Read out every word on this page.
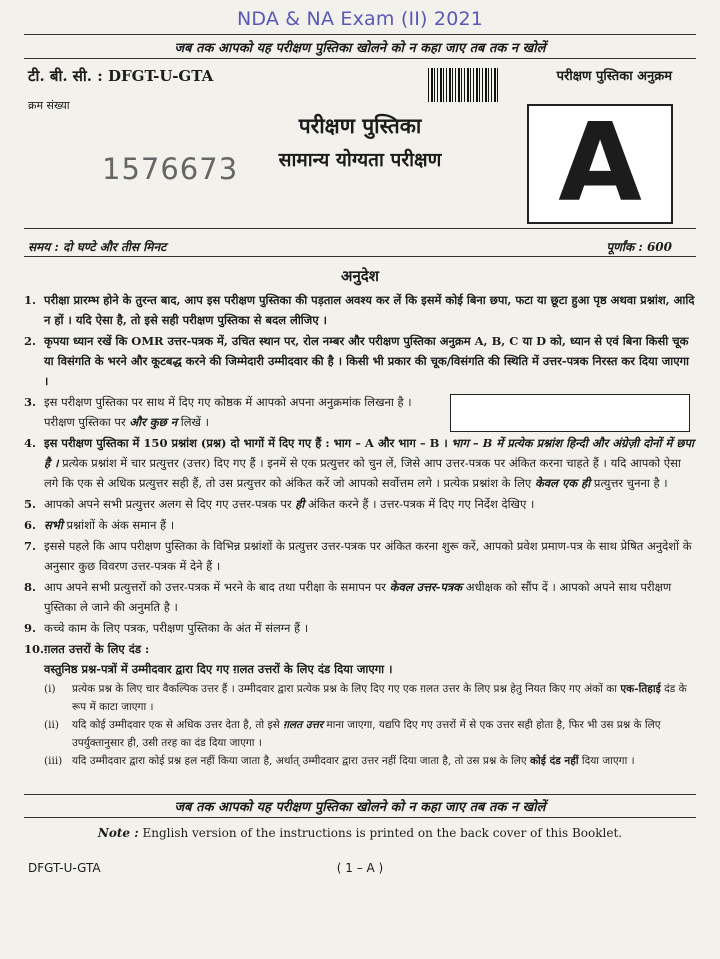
NDA & NA Exam (II) 2021
जब तक आपको यह परीक्षण पुस्तिका खोलने को न कहा जाए तब तक न खोलें
टी. बी. सी. : DFGT-U-GTA
क्रम संख्या
परीक्षण पुस्तिका अनुक्रम
परीक्षण पुस्तिका
सामान्य योग्यता परीक्षण
1576673	A
समय : दो घण्टे और तीस मिनट	पूर्णांक : 600
अनुदेश
1. परीक्षा प्रारम्भ होने के तुरन्त बाद, आप इस परीक्षण पुस्तिका की पड़ताल अवश्य कर लें कि इसमें कोई बिना छपा, फटा या छूटा हुआ पृष्ठ अथवा प्रश्नांश, आदि न हों । यदि ऐसा है, तो इसे सही परीक्षण पुस्तिका से बदल लीजिए ।
2. कृपया ध्यान रखें कि OMR उत्तर-पत्रक में, उचित स्थान पर, रोल नम्बर और परीक्षण पुस्तिका अनुक्रम A, B, C या D को, ध्यान से एवं बिना किसी चूक या विसंगति के भरने और कूटबद्ध करने की जिम्मेदारी उम्मीदवार की है । किसी भी प्रकार की चूक/विसंगति की स्थिति में उत्तर-पत्रक निरस्त कर दिया जाएगा ।
3. इस परीक्षण पुस्तिका पर साथ में दिए गए कोष्ठक में आपको अपना अनुक्रमांक लिखना है । परीक्षण पुस्तिका पर और कुछ न लिखें ।
4. इस परीक्षण पुस्तिका में 150 प्रश्नांश (प्रश्न) दो भागों में दिए गए हैं : भाग – A और भाग – B । भाग – B में प्रत्येक प्रश्नांश हिन्दी और अंग्रेज़ी दोनों में छपा है । प्रत्येक प्रश्नांश में चार प्रत्युत्तर (उत्तर) दिए गए हैं । इनमें से एक प्रत्युत्तर को चुन लें, जिसे आप उत्तर-पत्रक पर अंकित करना चाहते हैं । यदि आपको ऐसा लगे कि एक से अधिक प्रत्युत्तर सही हैं, तो उस प्रत्युत्तर को अंकित करें जो आपको सर्वोत्तम लगे । प्रत्येक प्रश्नांश के लिए केवल एक ही प्रत्युत्तर चुनना है ।
5. आपको अपने सभी प्रत्युत्तर अलग से दिए गए उत्तर-पत्रक पर ही अंकित करने हैं । उत्तर-पत्रक में दिए गए निर्देश देखिए ।
6. सभी प्रश्नांशों के अंक समान हैं ।
7. इससे पहले कि आप परीक्षण पुस्तिका के विभिन्न प्रश्नांशों के प्रत्युत्तर उत्तर-पत्रक पर अंकित करना शुरू करें, आपको प्रवेश प्रमाण-पत्र के साथ प्रेषित अनुदेशों के अनुसार कुछ विवरण उत्तर-पत्रक में देने हैं ।
8. आप अपने सभी प्रत्युत्तरों को उत्तर-पत्रक में भरने के बाद तथा परीक्षा के समापन पर केवल उत्तर-पत्रक अधीक्षक को सौंप दें । आपको अपने साथ परीक्षण पुस्तिका ले जाने की अनुमति है ।
9. कच्चे काम के लिए पत्रक, परीक्षण पुस्तिका के अंत में संलग्न हैं ।
10. ग़लत उत्तरों के लिए दंड :
वस्तुनिष्ठ प्रश्न-पत्रों में उम्मीदवार द्वारा दिए गए ग़लत उत्तरों के लिए दंड दिया जाएगा ।
(i) प्रत्येक प्रश्न के लिए चार वैकल्पिक उत्तर हैं । उम्मीदवार द्वारा प्रत्येक प्रश्न के लिए दिए गए एक ग़लत उत्तर के लिए प्रश्न हेतु नियत किए गए अंकों का एक-तिहाई दंड के रूप में काटा जाएगा ।
(ii) यदि कोई उम्मीदवार एक से अधिक उत्तर देता है, तो इसे ग़लत उत्तर माना जाएगा, यद्यपि दिए गए उत्तरों में से एक उत्तर सही होता है, फिर भी उस प्रश्न के लिए उपर्युक्तानुसार ही, उसी तरह का दंड दिया जाएगा ।
(iii) यदि उम्मीदवार द्वारा कोई प्रश्न हल नहीं किया जाता है, अर्थात् उम्मीदवार द्वारा उत्तर नहीं दिया जाता है, तो उस प्रश्न के लिए कोई दंड नहीं दिया जाएगा ।
जब तक आपको यह परीक्षण पुस्तिका खोलने को न कहा जाए तब तक न खोलें
Note : English version of the instructions is printed on the back cover of this Booklet.
DFGT-U-GTA	( 1 – A )
